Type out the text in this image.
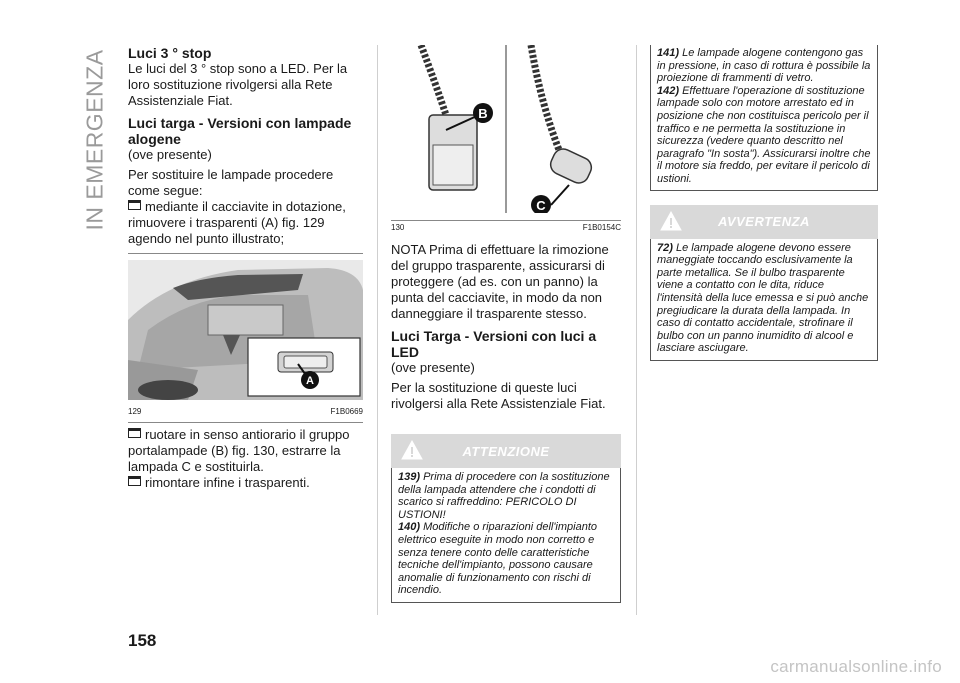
IN EMERGENZA
158
carmanualsonline.info
Luci 3 ° stop

Le luci del 3 ° stop sono a LED. Per la loro sostituzione rivolgersi alla Rete Assistenziale Fiat.

Luci targa - Versioni con lampade alogene

(ove presente)

Per sostituire le lampade procedere come segue:

mediante il cacciavite in dotazione, rimuovere i trasparenti (A) fig. 129 agendo nel punto illustrato;

A
129	F1B0669

ruotare in senso antiorario il gruppo portalampade (B) fig. 130, estrarre la lampada C e sostituirla.

rimontare infine i trasparenti.

B
C
130	F1B0154C

NOTA Prima di effettuare la rimozione del gruppo trasparente, assicurarsi di proteggere (ad es. con un panno) la punta del cacciavite, in modo da non danneggiare il trasparente stesso.

Luci Targa - Versioni con luci a LED

(ove presente)

Per la sostituzione di queste luci rivolgersi alla Rete Assistenziale Fiat.

ATTENZIONE

139) Prima di procedere con la sostituzione della lampada attendere che i condotti di scarico si raffreddino: PERICOLO DI USTIONI!

140) Modifiche o riparazioni dell'impianto elettrico eseguite in modo non corretto e senza tenere conto delle caratteristiche tecniche dell'impianto, possono causare anomalie di funzionamento con rischi di incendio.

141) Le lampade alogene contengono gas in pressione, in caso di rottura è possibile la proiezione di frammenti di vetro.

142) Effettuare l'operazione di sostituzione lampade solo con motore arrestato ed in posizione che non costituisca pericolo per il traffico e ne permetta la sostituzione in sicurezza (vedere quanto descritto nel paragrafo "In sosta"). Assicurarsi inoltre che il motore sia freddo, per evitare il pericolo di ustioni.

AVVERTENZA

72) Le lampade alogene devono essere maneggiate toccando esclusivamente la parte metallica. Se il bulbo trasparente viene a contatto con le dita, riduce l'intensità della luce emessa e si può anche pregiudicare la durata della lampada. In caso di contatto accidentale, strofinare il bulbo con un panno inumidito di alcool e lasciare asciugare.
